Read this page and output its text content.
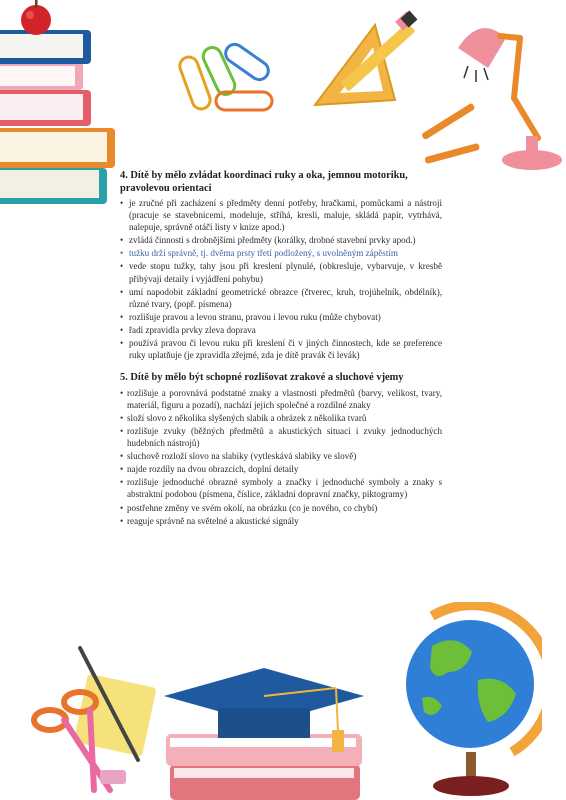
4. Dítě by mělo zvládat koordinaci ruky a oka, jemnou motoriku, pravolevou orientaci
• je zručné při zacházení s předměty denní potřeby, hračkami, pomůckami a nástroji (pracuje se stavebnicemi, modeluje, stříhá, kreslí, maluje, skládá papír, vytrhává, nalepuje, správně otáčí listy v knize apod.)
• zvládá činnosti s drobnějšími předměty (korálky, drobné stavební prvky apod.)
• tužku drží správně, tj. dvěma prsty třetí podložený, s uvolněným zápěstím
• vede stopu tužky, tahy jsou při kreslení plynulé, (obkresluje, vybarvuje, v kresbě přibývají detaily i vyjádření pohybu)
• umí napodobit základní geometrické obrazce (čtverec, kruh, trojúhelník, obdélník), různé tvary, (popř. písmena)
• rozlišuje pravou a levou stranu, pravou i levou ruku (může chybovat)
• řadí zpravidla prvky zleva doprava
• používá pravou či levou ruku při kreslení či v jiných činnostech, kde se preference ruky uplatňuje (je zpravidla zřejmé, zda je dítě pravák či levák)
5. Dítě by mělo být schopné rozlišovat zrakové a sluchové vjemy
• rozlišuje a porovnává podstatné znaky a vlastnosti předmětů (barvy, velikost, tvary, materiál, figuru a pozadí), nachází jejich společné a rozdílné znaky
• složí slovo z několika slyšených slabik a obrázek z několika tvarů
• rozlišuje zvuky (běžných předmětů a akustických situací i zvuky jednoduchých hudebních nástrojů)
• sluchově rozloží slovo na slabiky (vytleskává slabiky ve slově)
• najde rozdíly na dvou obrazcích, doplní detaily
• rozlišuje jednoduché obrazné symboly a značky i jednoduché symboly a znaky s abstraktní podobou (písmena, číslice, základní dopravní značky, piktogramy)
• postřehne změny ve svém okolí, na obrázku (co je nového, co chybí)
• reaguje správně na světelné a akustické signály
